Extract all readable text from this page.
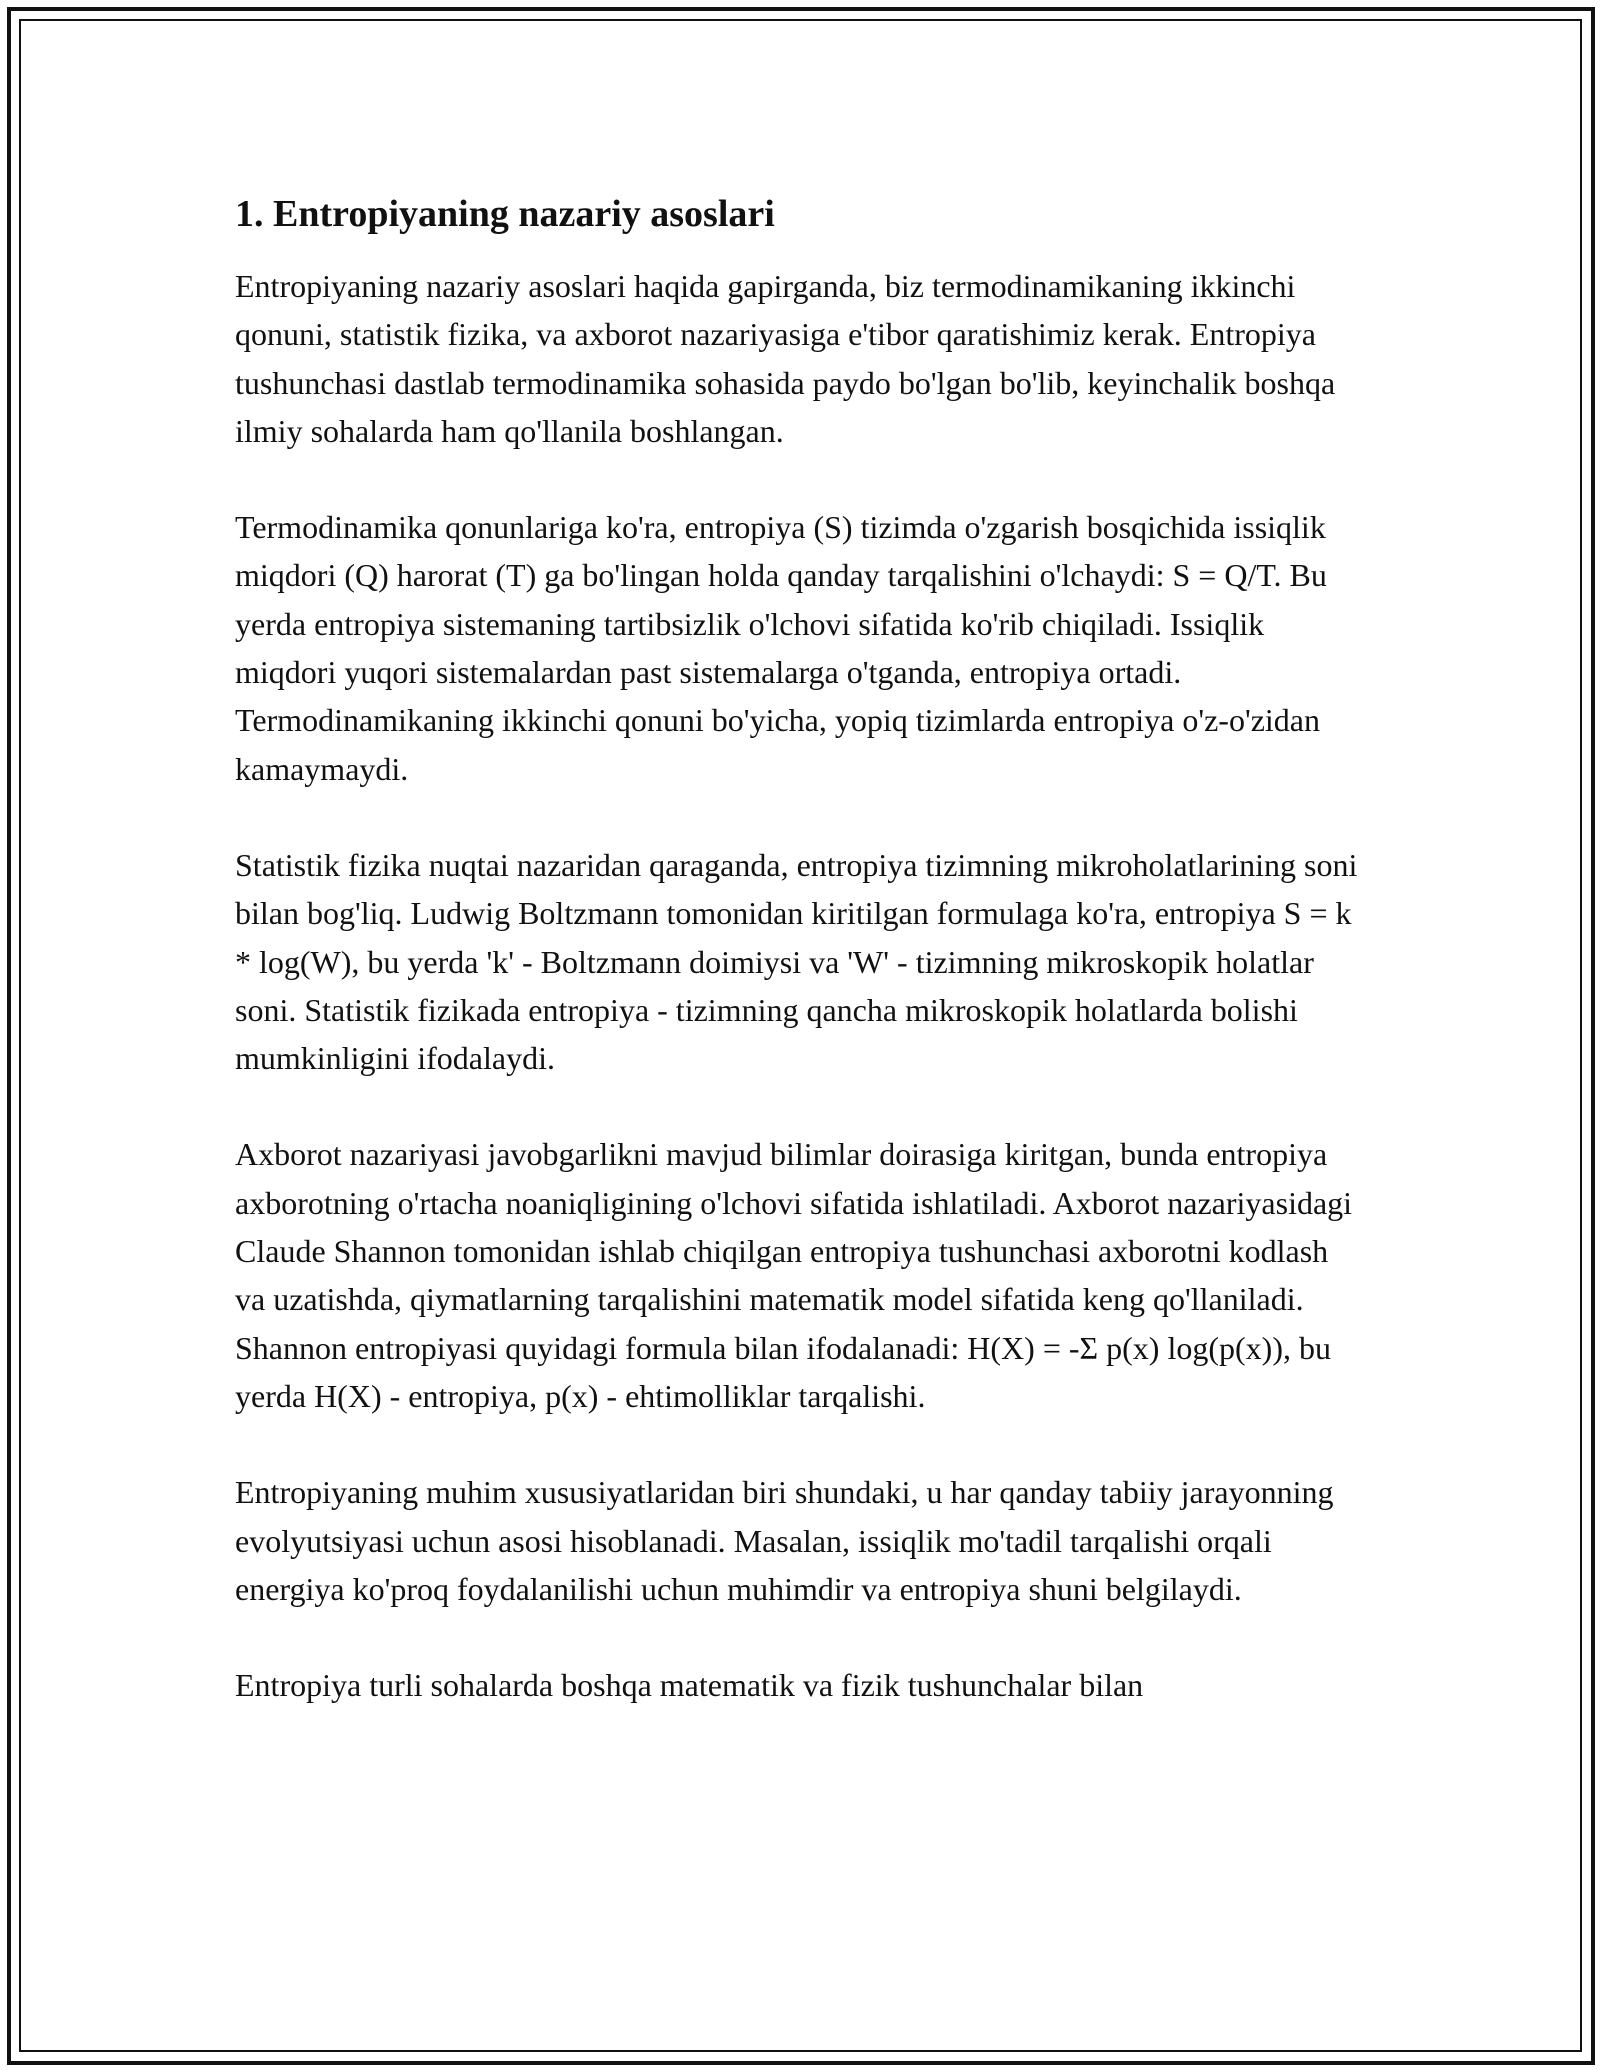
1. Entropiyaning nazariy asoslari

Entropiyaning nazariy asoslari haqida gapirganda, biz termodinamikaning ikkinchi qonuni, statistik fizika, va axborot nazariyasiga e'tibor qaratishimiz kerak. Entropiya tushunchasi dastlab termodinamika sohasida paydo bo'lgan bo'lib, keyinchalik boshqa ilmiy sohalarda ham qo'llanila boshlangan.

Termodinamika qonunlariga ko'ra, entropiya (S) tizimda o'zgarish bosqichida issiqlik miqdori (Q) harorat (T) ga bo'lingan holda qanday tarqalishini o'lchaydi: S = Q/T. Bu yerda entropiya sistemaning tartibsizlik o'lchovi sifatida ko'rib chiqiladi. Issiqlik miqdori yuqori sistemalardan past sistemalarga o'tganda, entropiya ortadi. Termodinamikaning ikkinchi qonuni bo'yicha, yopiq tizimlarda entropiya o'z-o'zidan kamaymaydi.

Statistik fizika nuqtai nazaridan qaraganda, entropiya tizimning mikroholatlarining soni bilan bog'liq. Ludwig Boltzmann tomonidan kiritilgan formulaga ko'ra, entropiya S = k * log(W), bu yerda 'k' - Boltzmann doimiysi va 'W' - tizimning mikroskopik holatlar soni. Statistik fizikada entropiya - tizimning qancha mikroskopik holatlarda bolishi mumkinligini ifodalaydi.

Axborot nazariyasi javobgarlikni mavjud bilimlar doirasiga kiritgan, bunda entropiya axborotning o'rtacha noaniqligining o'lchovi sifatida ishlatiladi. Axborot nazariyasidagi Claude Shannon tomonidan ishlab chiqilgan entropiya tushunchasi axborotni kodlash va uzatishda, qiymatlarning tarqalishini matematik model sifatida keng qo'llaniladi. Shannon entropiyasi quyidagi formula bilan ifodalanadi: H(X) = -Σ p(x) log(p(x)), bu yerda H(X) - entropiya, p(x) - ehtimolliklar tarqalishi.

Entropiyaning muhim xususiyatlaridan biri shundaki, u har qanday tabiiy jarayonning evolyutsiyasi uchun asosi hisoblanadi. Masalan, issiqlik mo'tadil tarqalishi orqali energiya ko'proq foydalanilishi uchun muhimdir va entropiya shuni belgilaydi.

Entropiya turli sohalarda boshqa matematik va fizik tushunchalar bilan
